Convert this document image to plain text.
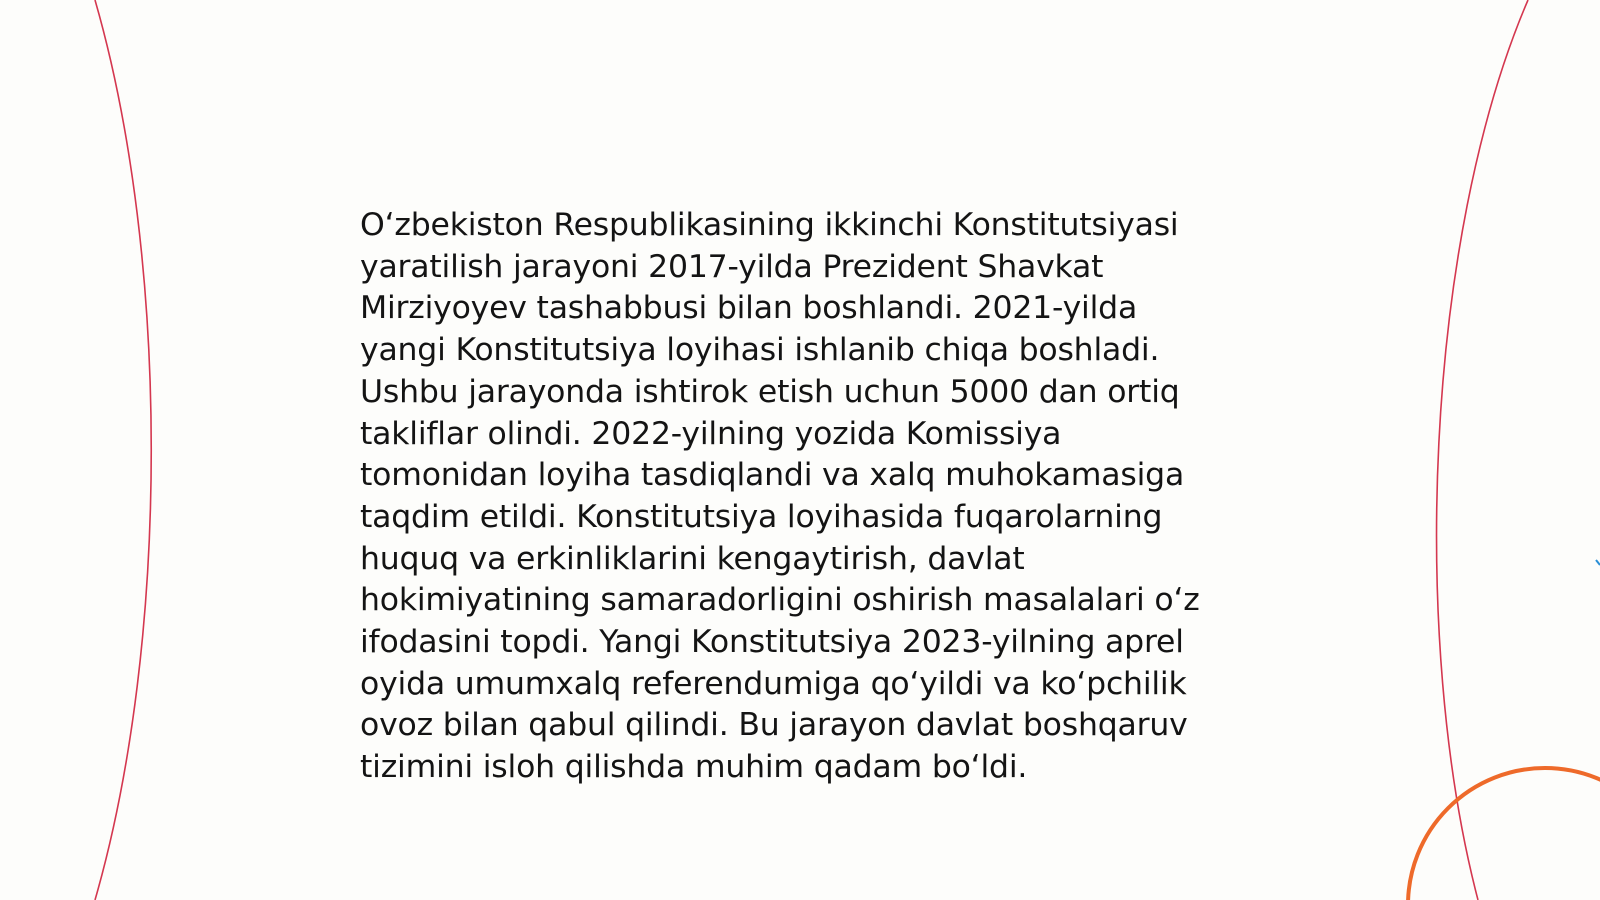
O‘zbekiston Respublikasining ikkinchi Konstitutsiyasi
yaratilish jarayoni 2017-yilda Prezident Shavkat
Mirziyoyev tashabbusi bilan boshlandi. 2021-yilda
yangi Konstitutsiya loyihasi ishlanib chiqa boshladi.
Ushbu jarayonda ishtirok etish uchun 5000 dan ortiq
takliflar olindi. 2022-yilning yozida Komissiya
tomonidan loyiha tasdiqlandi va xalq muhokamasiga
taqdim etildi. Konstitutsiya loyihasida fuqarolarning
huquq va erkinliklarini kengaytirish, davlat
hokimiyatining samaradorligini oshirish masalalari o‘z
ifodasini topdi. Yangi Konstitutsiya 2023-yilning aprel
oyida umumxalq referendumiga qo‘yildi va ko‘pchilik
ovoz bilan qabul qilindi. Bu jarayon davlat boshqaruv
tizimini isloh qilishda muhim qadam bo‘ldi.
